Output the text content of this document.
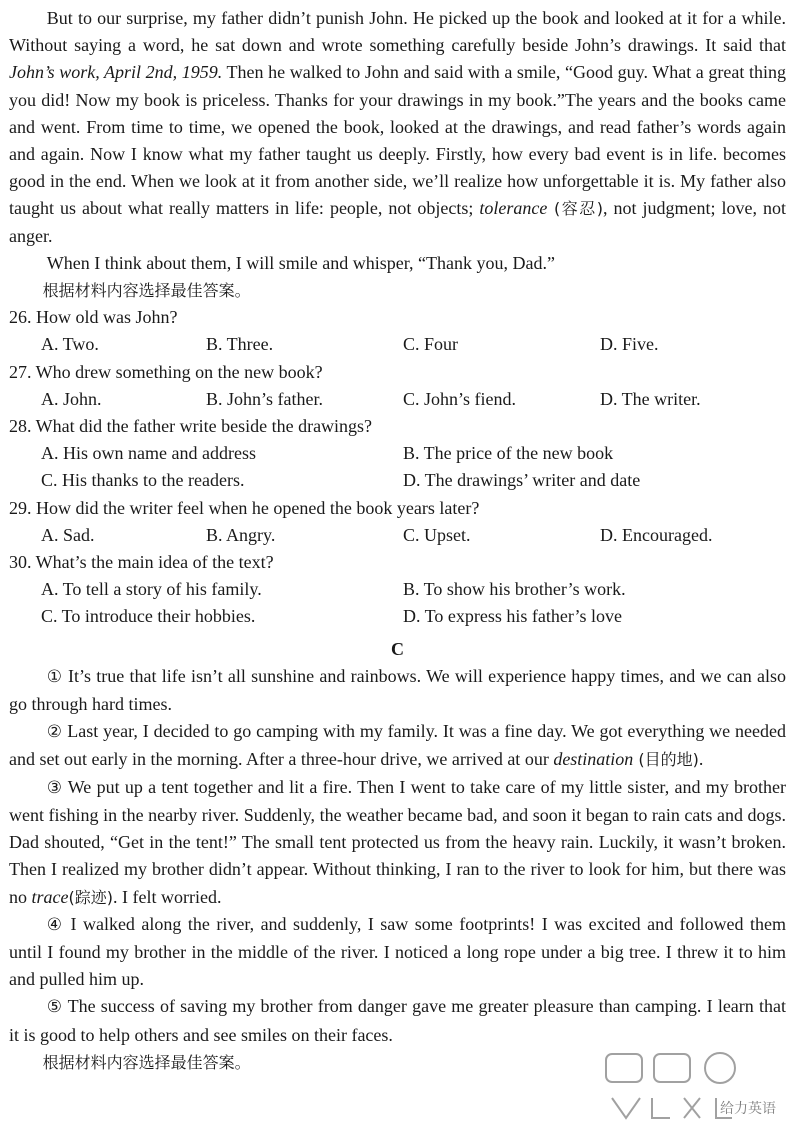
But to our surprise, my father didn’t punish John. He picked up the book and looked at it for a while. Without saying a word, he sat down and wrote something carefully beside John’s drawings. It said that John’s work, April 2nd, 1959. Then he walked to John and said with a smile, “Good guy. What a great thing you did! Now my book is priceless. Thanks for your drawings in my book.”The years and the books came and went. From time to time, we opened the book, looked at the drawings, and read father’s words again and again. Now I know what my father taught us deeply. Firstly, how every bad event is in life. becomes good in the end. When we look at it from another side, we’ll realize how unforgettable it is. My father also taught us about what really matters in life: people, not objects; tolerance (容忍), not judgment; love, not anger.

When I think about them, I will smile and whisper, “Thank you, Dad.”

根据材料内容选择最佳答案。

26. How old was John?

A. Two.	B. Three.	C. Four	D. Five.

27. Who drew something on the new book?

A. John.	B. John’s father.	C. John’s fiend.	D. The writer.

28. What did the father write beside the drawings?

A. His own name and address	B. The price of the new book
C. His thanks to the readers.	D. The drawings’ writer and date

29. How did the writer feel when he opened the book years later?

A. Sad.	B. Angry.	C. Upset.	D. Encouraged.

30. What’s the main idea of the text?

A. To tell a story of his family.	B. To show his brother’s work.
C. To introduce their hobbies.	D. To express his father’s love

C

① It’s true that life isn’t all sunshine and rainbows. We will experience happy times, and we can also go through hard times.

② Last year, I decided to go camping with my family. It was a fine day. We got everything we needed and set out early in the morning. After a three-hour drive, we arrived at our destination (目的地).

③ We put up a tent together and lit a fire. Then I went to take care of my little sister, and my brother went fishing in the nearby river. Suddenly, the weather became bad, and soon it began to rain cats and dogs. Dad shouted, “Get in the tent!” The small tent protected us from the heavy rain. Luckily, it wasn’t broken. Then I realized my brother didn’t appear. Without thinking, I ran to the river to look for him, but there was no trace(踪迹). I felt worried.

④ I walked along the river, and suddenly, I saw some footprints! I was excited and followed them until I found my brother in the middle of the river. I noticed a long rope under a big tree. I threw it to him and pulled him up.

⑤ The success of saving my brother from danger gave me greater pleasure than camping. I learn that it is good to help others and see smiles on their faces.

根据材料内容选择最佳答案。

给力英语
